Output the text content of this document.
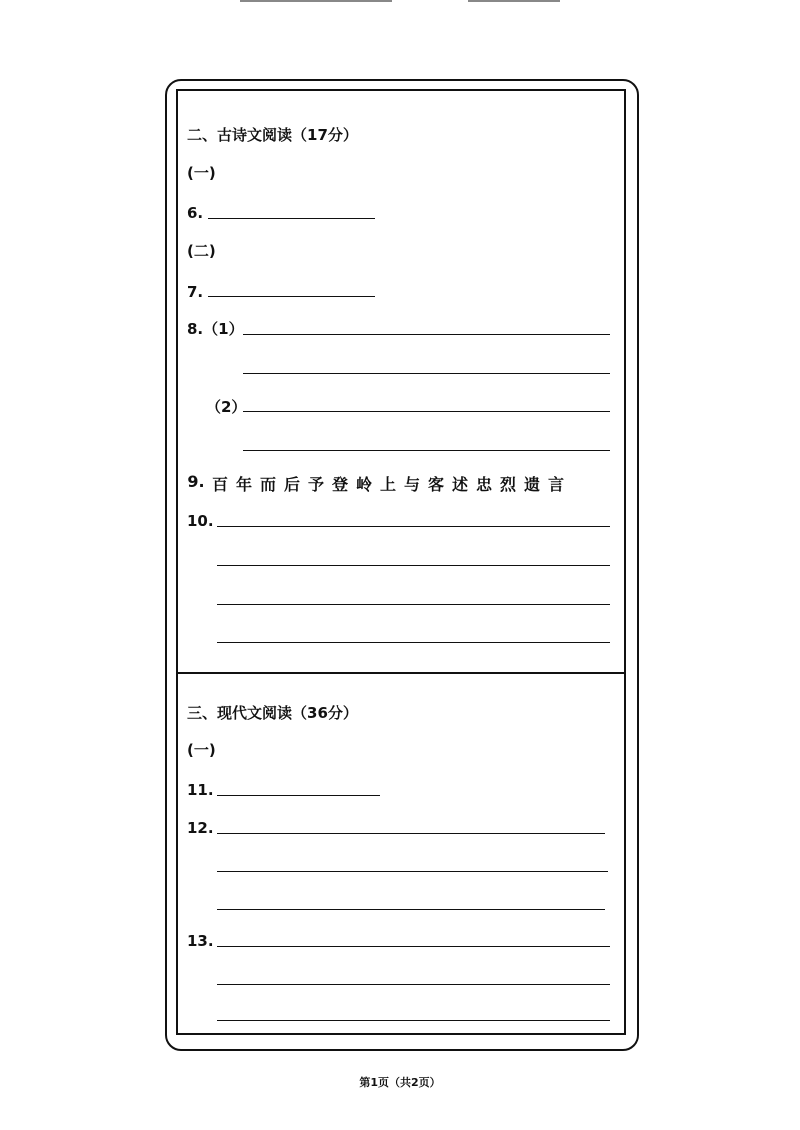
二、古诗文阅读（17分）
(一)
6.
(二)
7.
8.（1）
（2）
9. 百 年 而 后 予 登 岭 上 与 客 述 忠 烈 遗 言
10.
三、现代文阅读（36分）
(一)
11.
12.
13.
第1页（共2页）
